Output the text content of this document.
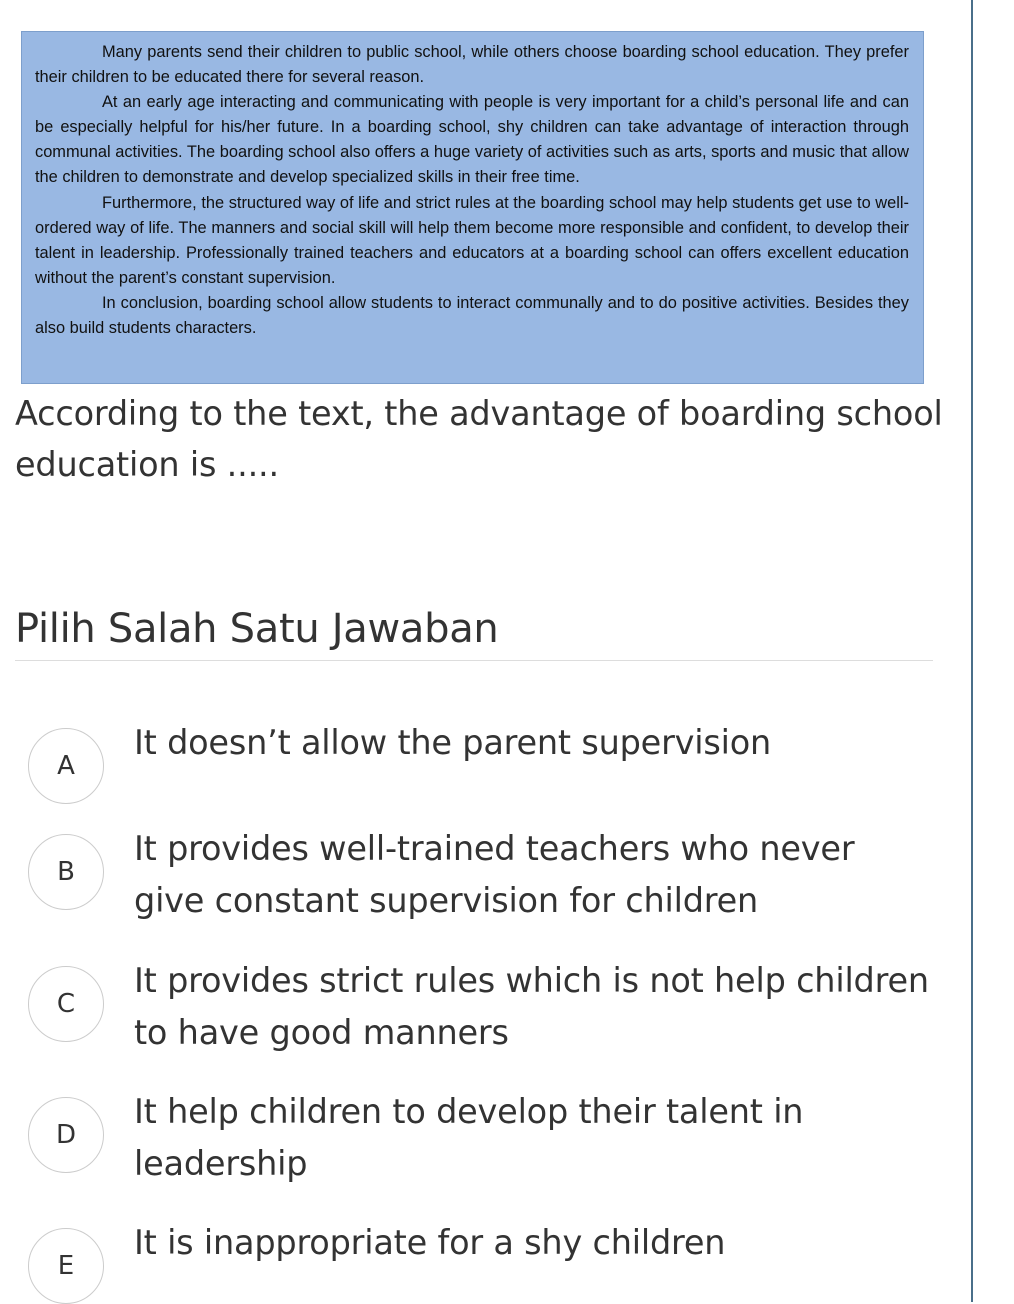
Many parents send their children to public school, while others choose boarding school education. They prefer their children to be educated there for several reason.

At an early age interacting and communicating with people is very important for a child’s personal life and can be especially helpful for his/her future. In a boarding school, shy children can take advantage of interaction through communal activities. The boarding school also offers a huge variety of activities such as arts, sports and music that allow the children to demonstrate and develop specialized skills in their free time.

Furthermore, the structured way of life and strict rules at the boarding school may help students get use to well-ordered way of life. The manners and social skill will help them become more responsible and confident, to develop their talent in leadership. Professionally trained teachers and educators at a boarding school can offers excellent education without the parent’s constant supervision.

In conclusion, boarding school allow students to interact communally and to do positive activities. Besides they also build students characters.

According to the text, the advantage of boarding school education is .....
Pilih Salah Satu Jawaban
A
It doesn’t allow the parent supervision
B
It provides well-trained teachers who never give constant supervision for children
C
It provides strict rules which is not help children to have good manners
D
It help children to develop their talent in leadership
E
It is inappropriate for a shy children
